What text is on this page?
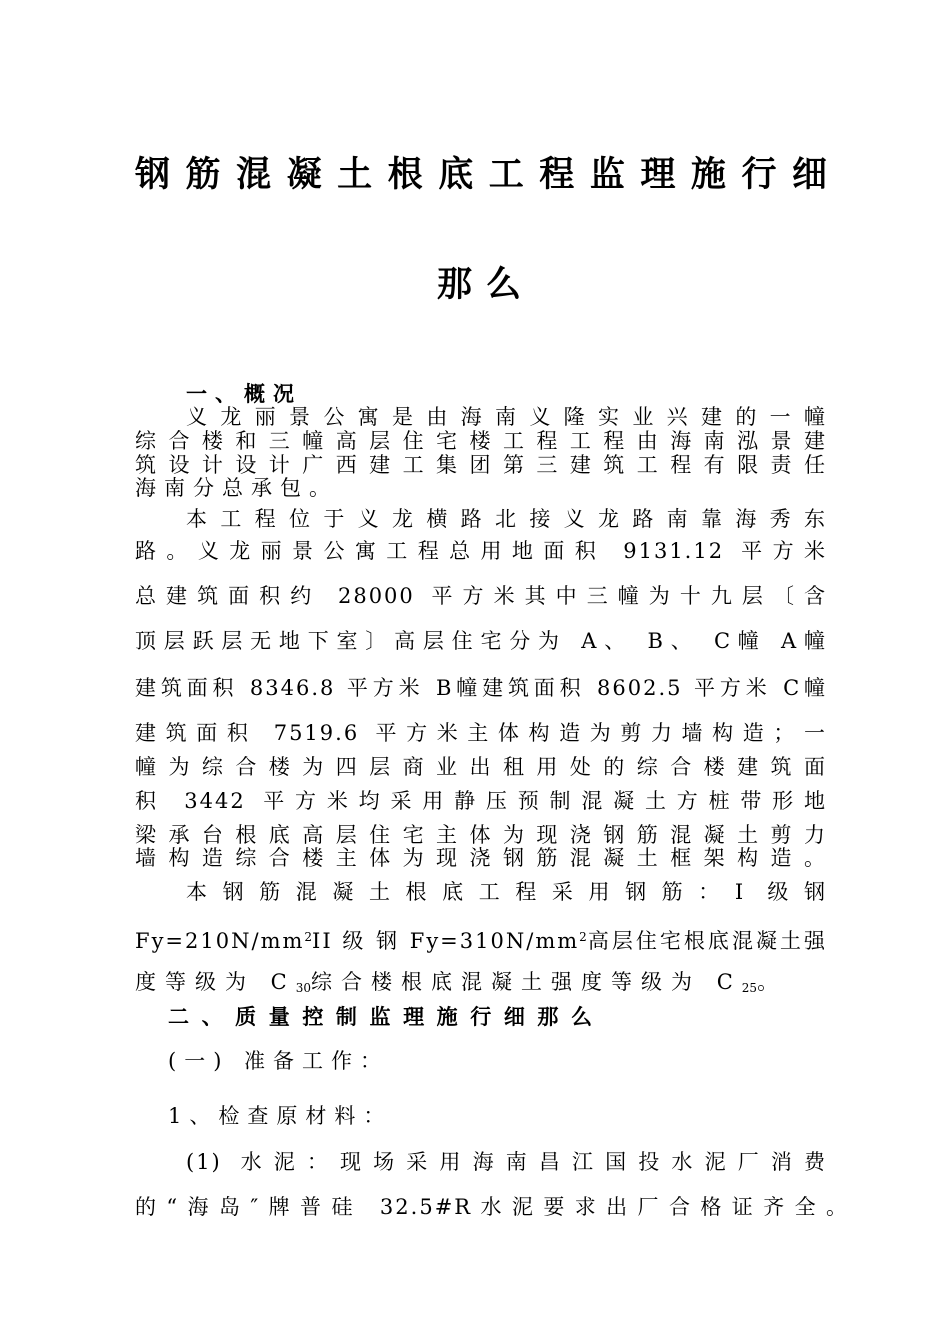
钢筋混凝土根底工程监理施行细
那么
一、概况
义龙丽景公寓是由海南义隆实业兴建的一幢
综合楼和三幢高层住宅楼工程工程由海南泓景建
筑设计设计广西建工集团第三建筑工程有限责任
海南分总承包。
本工程位于义龙横路北接义龙路南靠海秀东
路。义龙丽景公寓工程总用地面积 9131.12 平方米
总建筑面积约 28000 平方米其中三幢为十九层〔含
顶层跃层无地下室〕高层住宅分为 A、 B、 C幢 A幢
建筑面积 8346.8 平方米 B幢建筑面积 8602.5 平方米 C幢
建筑面积 7519.6 平方米主体构造为剪力墙构造；一
幢为综合楼为四层商业出租用处的综合楼建筑面
积 3442 平方米均采用静压预制混凝土方桩带形地
梁承台根底高层住宅主体为现浇钢筋混凝土剪力
墙构造综合楼主体为现浇钢筋混凝土框架构造。
本钢筋混凝土根底工程采用钢筋：I 级钢
$Fy=210N/mm^2II$ 级 钢 $Fy=310N/mm^2$高层住宅根底混凝土强
度等级为 $C_{30}$综合楼根底混凝土强度等级为 $C_{25}$。
二、质量控制监理施行细那么
(一) 准备工作：
1、检查原材料：
(1) 水泥：现场采用海南昌江国投水泥厂消费
的“海岛″牌普硅 32.5#R水泥要求出厂合格证齐全。
